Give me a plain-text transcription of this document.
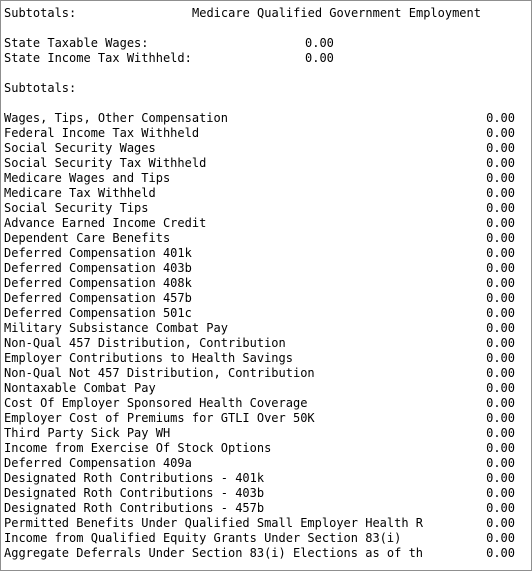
Subtotals:

	Medicare Qualified Government Employment

State Taxable Wages:

	0.00

State Income Tax Withheld:

	0.00

Subtotals:

Wages, Tips, Other Compensation	0.00
Federal Income Tax Withheld	0.00
Social Security Wages	0.00
Social Security Tax Withheld	0.00
Medicare Wages and Tips	0.00
Medicare Tax Withheld	0.00
Social Security Tips	0.00
Advance Earned Income Credit	0.00
Dependent Care Benefits	0.00
Deferred Compensation 401k	0.00
Deferred Compensation 403b	0.00
Deferred Compensation 408k	0.00
Deferred Compensation 457b	0.00
Deferred Compensation 501c	0.00
Military Subsistance Combat Pay	0.00
Non-Qual 457 Distribution, Contribution	0.00
Employer Contributions to Health Savings	0.00
Non-Qual Not 457 Distribution, Contribution	0.00
Nontaxable Combat Pay	0.00
Cost Of Employer Sponsored Health Coverage	0.00
Employer Cost of Premiums for GTLI Over 50K	0.00
Third Party Sick Pay WH	0.00
Income from Exercise Of Stock Options	0.00
Deferred Compensation 409a	0.00
Designated Roth Contributions - 401k	0.00
Designated Roth Contributions - 403b	0.00
Designated Roth Contributions - 457b	0.00
Permitted Benefits Under Qualified Small Employer Health R	0.00
Income from Qualified Equity Grants Under Section 83(i)	0.00
Aggregate Deferrals Under Section 83(i) Elections as of th	0.00
